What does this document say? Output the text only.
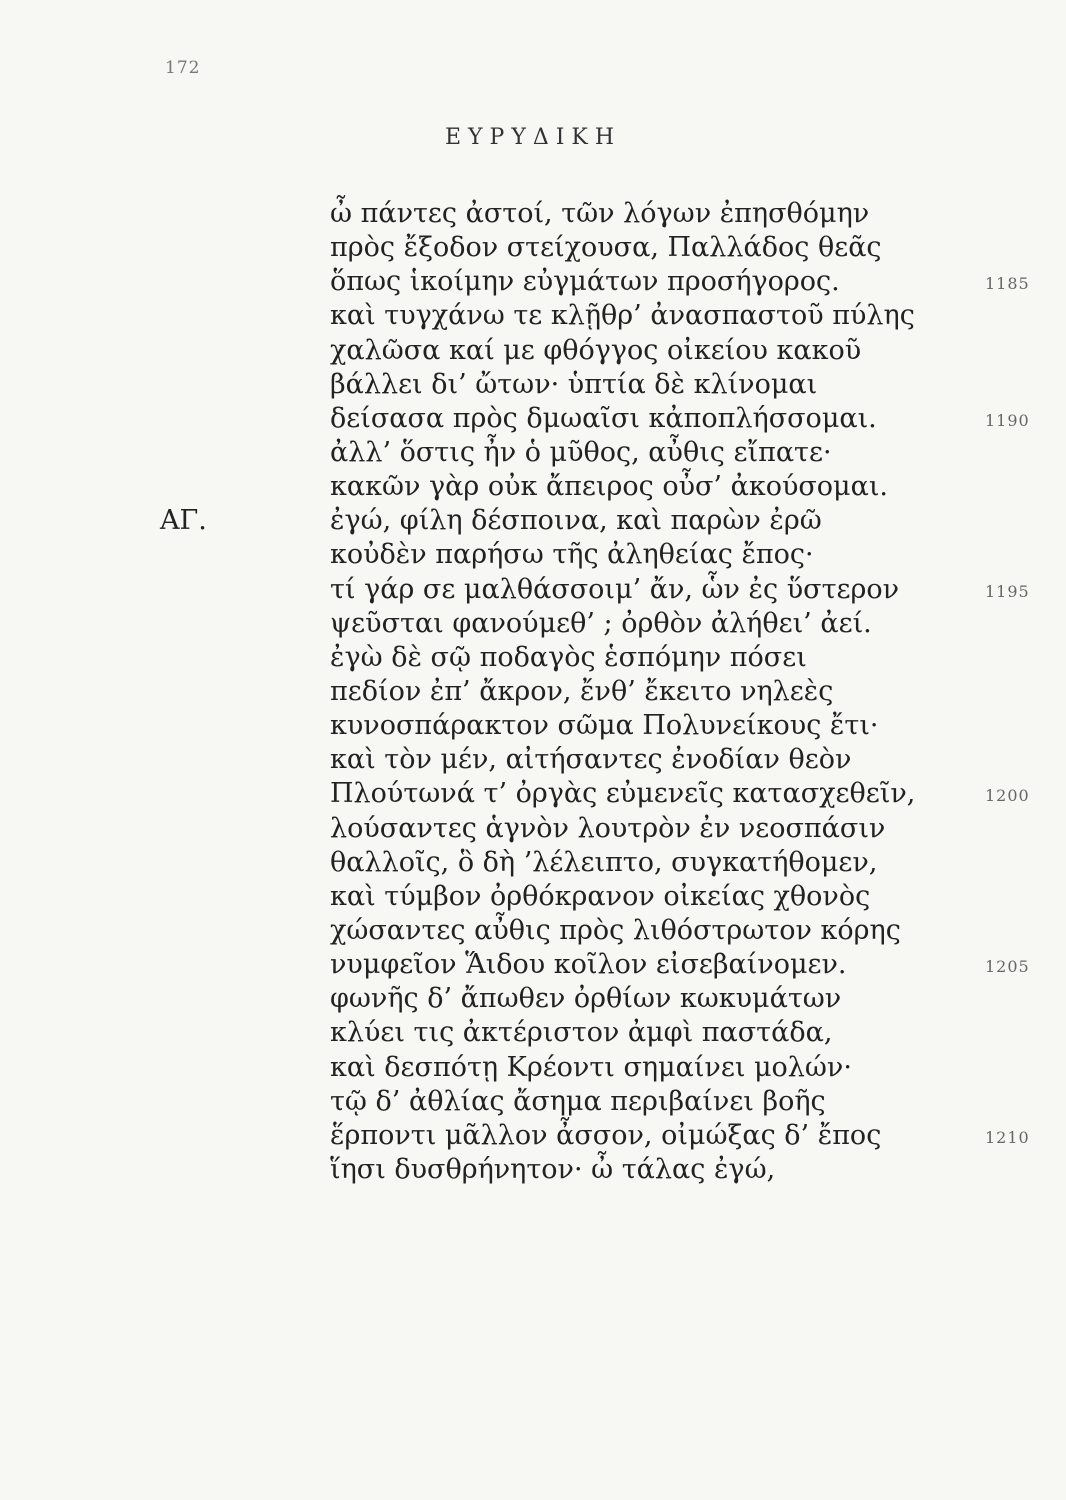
172
ΕΥΡΥΔΙΚΗ
ὦ πάντες ἀστοί, τῶν λόγων ἐπησθόμην
πρὸς ἔξοδον στείχουσα, Παλλάδος θεᾶς
ὅπως ἱκοίμην εὐγμάτων προσήγορος.	1185
καὶ τυγχάνω τε κλῇθρ’ ἀνασπαστοῦ πύλης
χαλῶσα καί με φθόγγος οἰκείου κακοῦ
βάλλει δι’ ὤτων· ὑπτία δὲ κλίνομαι
δείσασα πρὸς δμωαῖσι κἀποπλήσσομαι.	1190
ἀλλ’ ὅστις ἦν ὁ μῦθος, αὖθις εἴπατε·
κακῶν γὰρ οὐκ ἄπειρος οὖσ’ ἀκούσομαι.
ΑΓ.	ἐγώ, φίλη δέσποινα, καὶ παρὼν ἐρῶ
κοὐδὲν παρήσω τῆς ἀληθείας ἔπος·
τί γάρ σε μαλθάσσοιμ’ ἄν, ὧν ἐς ὕστερον	1195
ψεῦσται φανούμεθ’ ; ὀρθὸν ἀλήθει’ ἀεί.
ἐγὼ δὲ σῷ ποδαγὸς ἑσπόμην πόσει
πεδίον ἐπ’ ἄκρον, ἔνθ’ ἔκειτο νηλεὲς
κυνοσπάρακτον σῶμα Πολυνείκους ἔτι·
καὶ τὸν μέν, αἰτήσαντες ἐνοδίαν θεὸν
Πλούτωνά τ’ ὀργὰς εὐμενεῖς κατασχεθεῖν,	1200
λούσαντες ἁγνὸν λουτρὸν ἐν νεοσπάσιν
θαλλοῖς, ὃ δὴ ’λέλειπτο, συγκατήθομεν,
καὶ τύμβον ὀρθόκρανον οἰκείας χθονὸς
χώσαντες αὖθις πρὸς λιθόστρωτον κόρης
νυμφεῖον Ἅιδου κοῖλον εἰσεβαίνομεν.	1205
φωνῆς δ’ ἄπωθεν ὀρθίων κωκυμάτων
κλύει τις ἀκτέριστον ἀμφὶ παστάδα,
καὶ δεσπότῃ Κρέοντι σημαίνει μολών·
τῷ δ’ ἀθλίας ἄσημα περιβαίνει βοῆς
ἕρποντι μᾶλλον ἆσσον, οἰμώξας δ’ ἔπος	1210
ἵησι δυσθρήνητον· ὦ τάλας ἐγώ,
